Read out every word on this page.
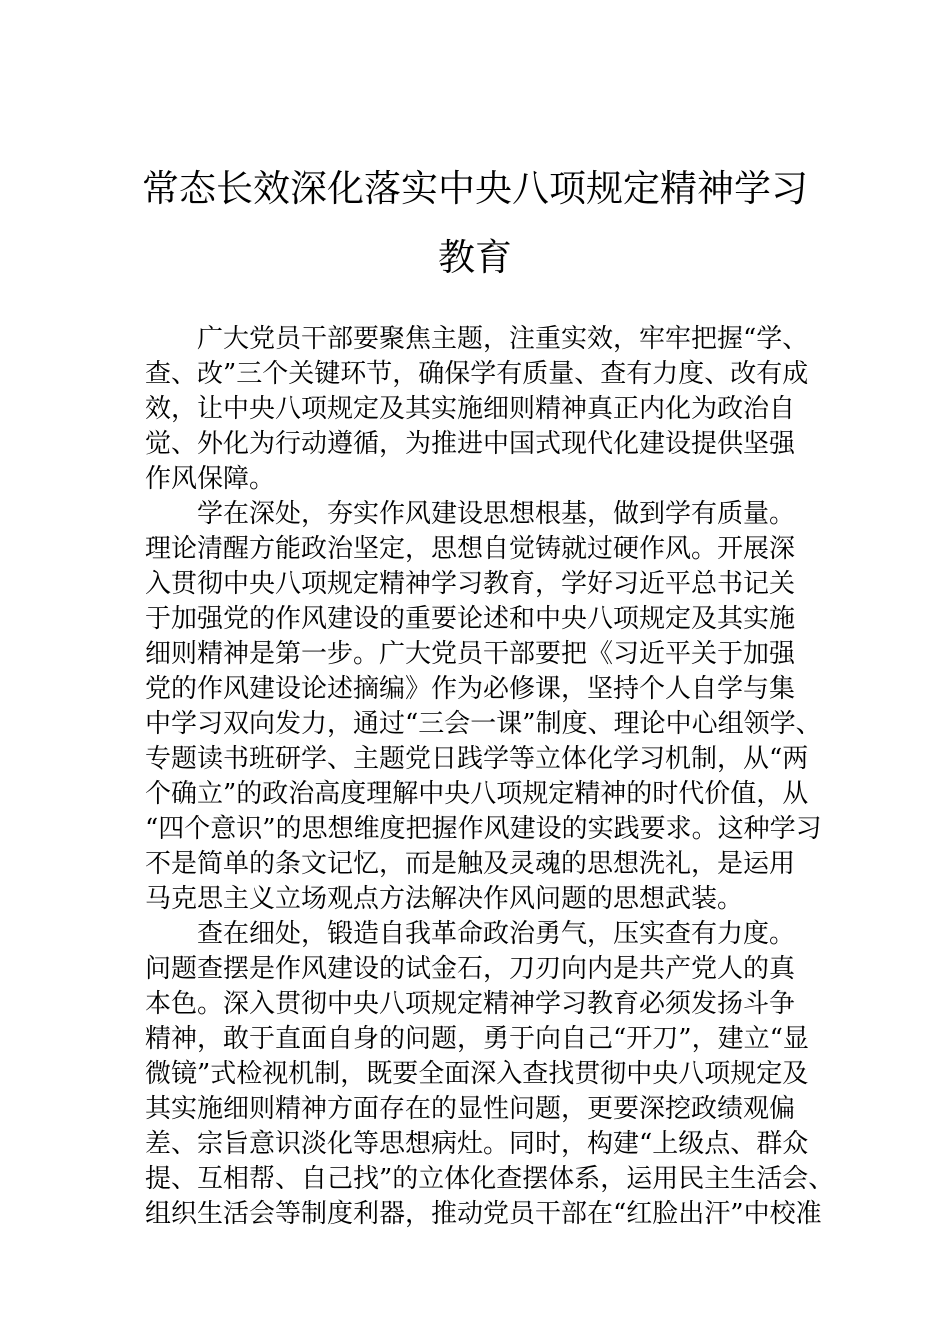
常态长效深化落实中央八项规定精神学习
教育
广大党员干部要聚焦主题，注重实效，牢牢把握“学、
查、改”三个关键环节，确保学有质量、查有力度、改有成
效，让中央八项规定及其实施细则精神真正内化为政治自
觉、外化为行动遵循，为推进中国式现代化建设提供坚强
作风保障。
学在深处，夯实作风建设思想根基，做到学有质量。
理论清醒方能政治坚定，思想自觉铸就过硬作风。开展深
入贯彻中央八项规定精神学习教育，学好习近平总书记关
于加强党的作风建设的重要论述和中央八项规定及其实施
细则精神是第一步。广大党员干部要把《习近平关于加强
党的作风建设论述摘编》作为必修课，坚持个人自学与集
中学习双向发力，通过“三会一课”制度、理论中心组领学、
专题读书班研学、主题党日践学等立体化学习机制，从“两
个确立”的政治高度理解中央八项规定精神的时代价值，从
“四个意识”的思想维度把握作风建设的实践要求。这种学习
不是简单的条文记忆，而是触及灵魂的思想洗礼，是运用
马克思主义立场观点方法解决作风问题的思想武装。
查在细处，锻造自我革命政治勇气，压实查有力度。
问题查摆是作风建设的试金石，刀刃向内是共产党人的真
本色。深入贯彻中央八项规定精神学习教育必须发扬斗争
精神，敢于直面自身的问题，勇于向自己“开刀”，建立“显
微镜”式检视机制，既要全面深入查找贯彻中央八项规定及
其实施细则精神方面存在的显性问题，更要深挖政绩观偏
差、宗旨意识淡化等思想病灶。同时，构建“上级点、群众
提、互相帮、自己找”的立体化查摆体系，运用民主生活会、
组织生活会等制度利器，推动党员干部在“红脸出汗”中校准
